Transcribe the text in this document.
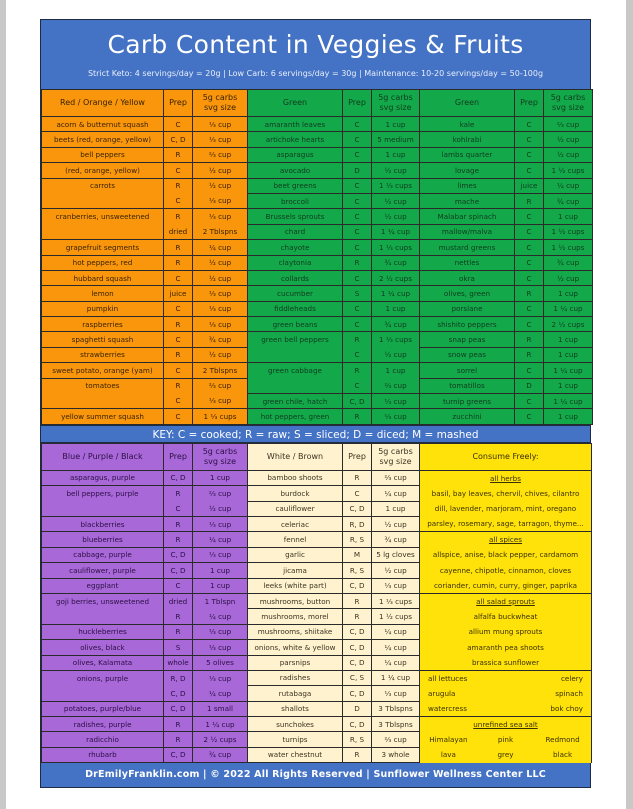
Carb Content in Veggies & Fruits
Strict Keto: 4 servings/day = 20g | Low Carb: 6 servings/day = 30g | Maintenance: 10-20 servings/day = 50-100g
Red / Orange / Yellow	Prep	5g carbs
svg size
acorn & butternut squash	C	⅓ cup
beets (red, orange, yellow)	C, D	⅓ cup
bell peppers	R	⅔ cup
(red, orange, yellow)	C	½ cup
carrots	R	½ cup
	C	⅓ cup
cranberries, unsweetened	R	⅓ cup
	dried	2 Tblspns
grapefruit segments	R	¼ cup
hot peppers, red	R	½ cup
hubbard squash	C	½ cup
lemon	juice	⅓ cup
pumpkin	C	⅓ cup
raspberries	R	⅓ cup
spaghetti squash	C	¾ cup
strawberries	R	½ cup
sweet potato, orange (yam)	C	2 Tblspns
tomatoes	R	⅔ cup
	C	⅓ cup
yellow summer squash	C	1 ⅓ cups
Green	Prep	5g carbs
svg size
amaranth leaves	C	1 cup
artichoke hearts	C	5 medium
asparagus	C	1 cup
avocado	D	½ cup
beet greens	C	1 ⅓ cups
broccoli	C	½ cup
Brussels sprouts	C	½ cup
chard	C	1 ¼ cup
chayote	C	1 ⅓ cups
claytonia	R	¾ cup
collards	C	2 ½ cups
cucumber	S	1 ¼ cup
fiddleheads	C	1 cup
green beans	C	¾ cup
green bell peppers	R	1 ⅓ cups
	C	½ cup
green cabbage	R	1 cup
	C	⅔ cup
green chile, hatch	C, D	⅓ cup
hot peppers, green	R	⅓ cup
Green	Prep	5g carbs
svg size
kale	C	⅔ cup
kohlrabi	C	½ cup
lambs quarter	C	½ cup
lovage	C	1 ½ cups
limes	juice	¼ cup
mache	R	¾ cup
Malabar spinach	C	1 cup
mallow/malva	C	1 ½ cups
mustard greens	C	1 ½ cups
nettles	C	¾ cup
okra	C	½ cup
olives, green	R	1 cup
porslane	C	1 ¼ cup
shishito peppers	C	2 ½ cups
snap peas	R	1 cup
snow peas	R	1 cup
sorrel	C	1 ¼ cup
tomatillos	D	1 cup
turnip greens	C	1 ¼ cup
zucchini	C	1 cup
KEY: C = cooked; R = raw; S = sliced; D = diced; M = mashed
Blue / Purple / Black	Prep	5g carbs
svg size
asparagus, purple	C, D	1 cup
bell peppers, purple	R	⅔ cup
	C	½ cup
blackberries	R	⅓ cup
blueberries	R	¼ cup
cabbage, purple	C, D	⅓ cup
cauliflower, purple	C, D	1 cup
eggplant	C	1 cup
goji berries, unsweetened	dried	1 Tblspn
	R	¼ cup
huckleberries	R	⅓ cup
olives, black	S	⅓ cup
olives, Kalamata	whole	5 olives
onions, purple	R, D	⅓ cup
	C, D	¼ cup
potatoes, purple/blue	C, D	1 small
radishes, purple	R	1 ¼ cup
radicchio	R	2 ½ cups
rhubarb	C, D	¾ cup
White / Brown	Prep	5g carbs
svg size
bamboo shoots	R	⅔ cup
burdock	C	¼ cup
cauliflower	C, D	1 cup
celeriac	R, D	½ cup
fennel	R, S	¾ cup
garlic	M	5 lg cloves
jicama	R, S	½ cup
leeks (white part)	C, D	⅓ cup
mushrooms, button	R	1 ⅓ cups
mushrooms, morel	R	1 ½ cups
mushrooms, shiitake	C, D	¼ cup
onions, white & yellow	C, D	¼ cup
parsnips	C, D	¼ cup
radishes	C, S	1 ¼ cup
rutabaga	C, D	⅓ cup
shallots	D	3 Tblspns
sunchokes	C, D	3 Tblspns
turnips	R, S	⅔ cup
water chestnut	R	3 whole
Consume Freely:		
all herbs		
basil, bay leaves, chervil, chives, cilantro		
dill, lavender, marjoram, mint, oregano		
parsley, rosemary, sage, tarragon, thyme...		
all spices		
allspice, anise, black pepper, cardamom		
cayenne, chipotle, cinnamon, cloves		
coriander, cumin, curry, ginger, paprika		
all salad sprouts		
alfalfa buckwheat		
allium mung sprouts		
amaranth pea shoots		
brassica sunflower		
all lettuces		celery
arugula		spinach
watercress		bok choy
unrefined sea salt		
Himalayan	pink	Redmond
lava	grey	black
DrEmilyFranklin.com | © 2022 All Rights Reserved | Sunflower Wellness Center LLC
